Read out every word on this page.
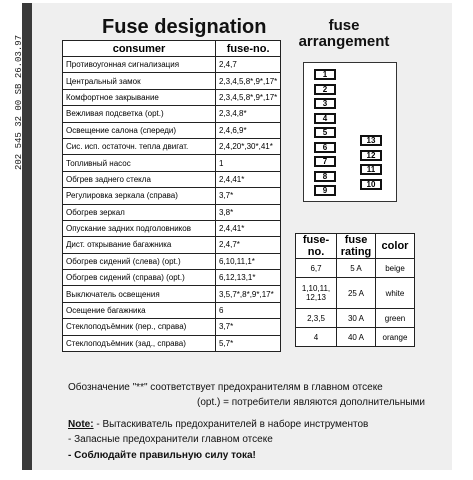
202 545 32 00 SB 26.03.97
Fuse designation	fuse arrangement
consumer	fuse-no.
Противоугонная сигнализация	2,4,7
Центральный замок	2,3,4,5,8*,9*,17*
Комфортное закрывание	2,3,4,5,8*,9*,17*
Вежливая подсветка (opt.)	2,3,4,8*
Освещение салона (спереди)	2,4,6,9*
Сис. исп. остаточн. тепла двигат.	2,4,20*,30*,41*
Топливный насос	1
Обгрев заднего стекла	2,4,41*
Регулировка зеркала (справа)	3,7*
Обогрев зеркал	3,8*
Опускание задних подголовников	2,4,41*
Дист. открывание багажника	2,4,7*
Обогрев сидений (слева) (opt.)	6,10,11,1*
Обогрев сидений (справа) (opt.)	6,12,13,1*
Выключатель освещения	3,5,7*,8*,9*,17*
Осещение багажника	6
Стеклоподъёмник (пер., справа)	3,7*
Стеклоподъёмник (зад., справа)	5,7*
1
2
3
4
5
6
7
8
9
13
12
11
10
fuse- no.	fuse rating	color
6,7	5 A	beige
1,10,11, 12,13	25 A	white
2,3,5	30 A	green
4	40 A	orange
Обозначение "**" соответствует предохранителям в главном отсеке
(opt.) = потребители являются дополнительными
Note: - Вытаскиватель предохранителей в наборе инструментов
- Запасные предохранители главном отсеке
- Соблюдайте правильную силу тока!
